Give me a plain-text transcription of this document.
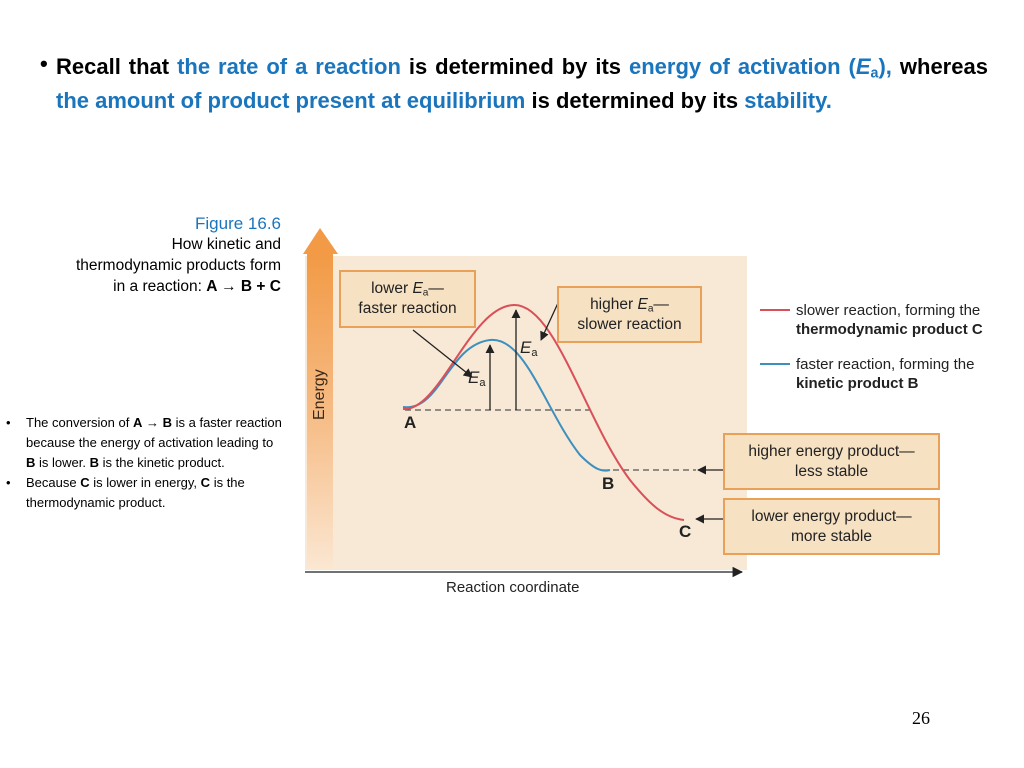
• Recall that the rate of a reaction is determined by its energy of activation $(E_a)$, whereas the amount of product present at equilibrium is determined by its stability.
Figure 16.6
How kinetic and
thermodynamic products form
in a reaction: A → B + C
• The conversion of A → B is a faster reaction because the energy of activation leading to B is lower. B is the kinetic product.
• Because C is lower in energy, C is the thermodynamic product.
Energy
Reaction coordinate
lower $E_a—$
faster reaction	higher $E_a—$
slower reaction
higher energy product—
less stable
lower energy product—
more stable
$E_a$
$E_a$
A
B
C
slower reaction, forming the
thermodynamic product C
faster reaction, forming the
kinetic product B
26
